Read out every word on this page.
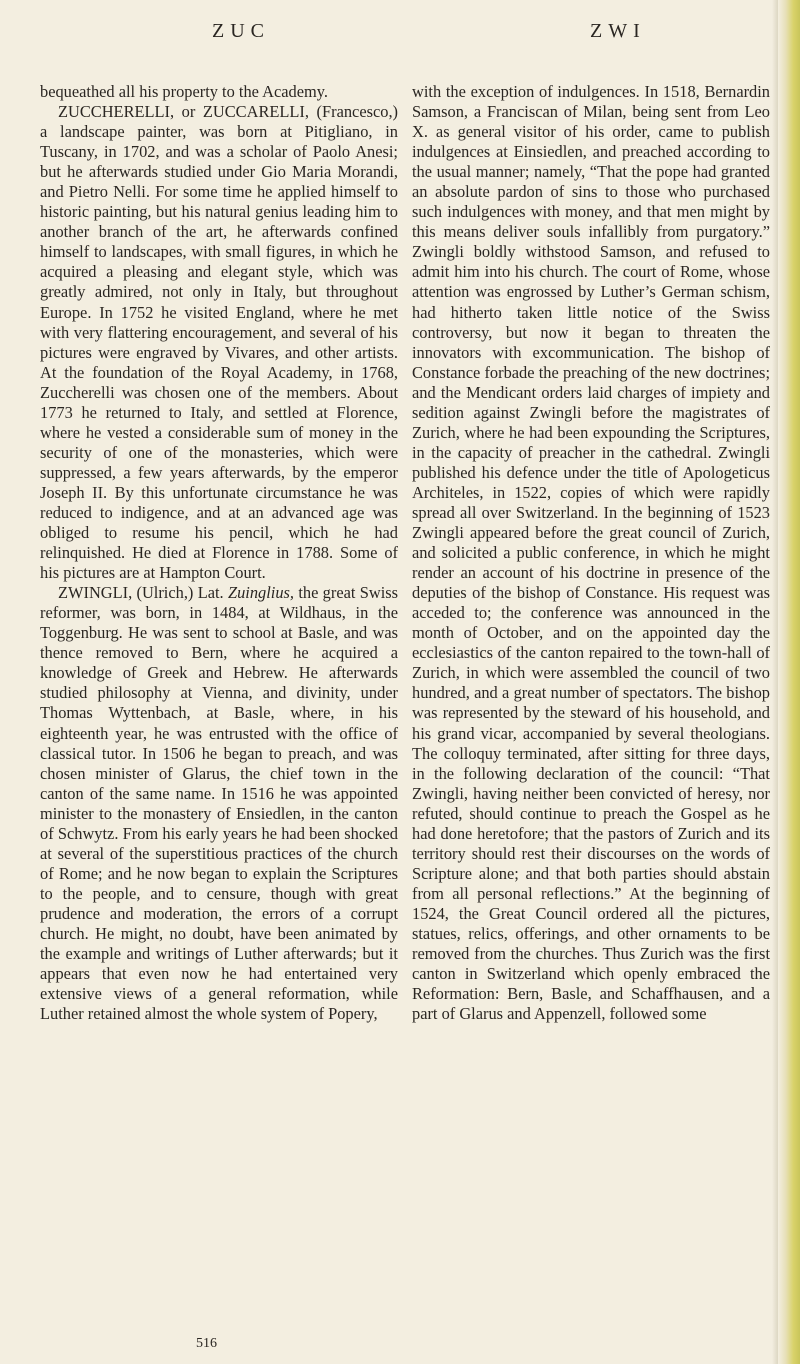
ZUC	ZWI

bequeathed all his property to the Academy.

ZUCCHERELLI, or ZUCCARELLI, (Francesco,) a landscape painter, was born at Pitigliano, in Tuscany, in 1702, and was a scholar of Paolo Anesi; but he afterwards studied under Gio Maria Morandi, and Pietro Nelli. For some time he applied himself to historic painting, but his natural genius leading him to another branch of the art, he afterwards confined himself to landscapes, with small figures, in which he acquired a pleasing and elegant style, which was greatly admired, not only in Italy, but throughout Europe. In 1752 he visited England, where he met with very flattering encouragement, and several of his pictures were engraved by Vivares, and other artists. At the foundation of the Royal Academy, in 1768, Zuccherelli was chosen one of the members. About 1773 he returned to Italy, and settled at Florence, where he vested a considerable sum of money in the security of one of the monasteries, which were suppressed, a few years afterwards, by the emperor Joseph II. By this unfortunate circumstance he was reduced to indigence, and at an advanced age was obliged to resume his pencil, which he had relinquished. He died at Florence in 1788. Some of his pictures are at Hampton Court.

ZWINGLI, (Ulrich,) Lat. Zuinglius, the great Swiss reformer, was born, in 1484, at Wildhaus, in the Toggenburg. He was sent to school at Basle, and was thence removed to Bern, where he acquired a knowledge of Greek and Hebrew. He afterwards studied philosophy at Vienna, and divinity, under Thomas Wyttenbach, at Basle, where, in his eighteenth year, he was entrusted with the office of classical tutor. In 1506 he began to preach, and was chosen minister of Glarus, the chief town in the canton of the same name. In 1516 he was appointed minister to the monastery of Ensiedlen, in the canton of Schwytz. From his early years he had been shocked at several of the superstitious practices of the church of Rome; and he now began to explain the Scriptures to the people, and to censure, though with great prudence and moderation, the errors of a corrupt church. He might, no doubt, have been animated by the example and writings of Luther afterwards; but it appears that even now he had entertained very extensive views of a general reformation, while Luther retained almost the whole system of Popery,

with the exception of indulgences. In 1518, Bernardin Samson, a Franciscan of Milan, being sent from Leo X. as general visitor of his order, came to publish indulgences at Einsiedlen, and preached according to the usual manner; namely, “That the pope had granted an absolute pardon of sins to those who purchased such indulgences with money, and that men might by this means deliver souls infallibly from purgatory.” Zwingli boldly withstood Samson, and refused to admit him into his church. The court of Rome, whose attention was engrossed by Luther’s German schism, had hitherto taken little notice of the Swiss controversy, but now it began to threaten the innovators with excommunication. The bishop of Constance forbade the preaching of the new doctrines; and the Mendicant orders laid charges of impiety and sedition against Zwingli before the magistrates of Zurich, where he had been expounding the Scriptures, in the capacity of preacher in the cathedral. Zwingli published his defence under the title of Apologeticus Architeles, in 1522, copies of which were rapidly spread all over Switzerland. In the beginning of 1523 Zwingli appeared before the great council of Zurich, and solicited a public conference, in which he might render an account of his doctrine in presence of the deputies of the bishop of Constance. His request was acceded to; the conference was announced in the month of October, and on the appointed day the ecclesiastics of the canton repaired to the town-hall of Zurich, in which were assembled the council of two hundred, and a great number of spectators. The bishop was represented by the steward of his household, and his grand vicar, accompanied by several theologians. The colloquy terminated, after sitting for three days, in the following declaration of the council: “That Zwingli, having neither been convicted of heresy, nor refuted, should continue to preach the Gospel as he had done heretofore; that the pastors of Zurich and its territory should rest their discourses on the words of Scripture alone; and that both parties should abstain from all personal reflections.” At the beginning of 1524, the Great Council ordered all the pictures, statues, relics, offerings, and other ornaments to be removed from the churches. Thus Zurich was the first canton in Switzerland which openly embraced the Reformation: Bern, Basle, and Schaffhausen, and a part of Glarus and Appenzell, followed some

516
